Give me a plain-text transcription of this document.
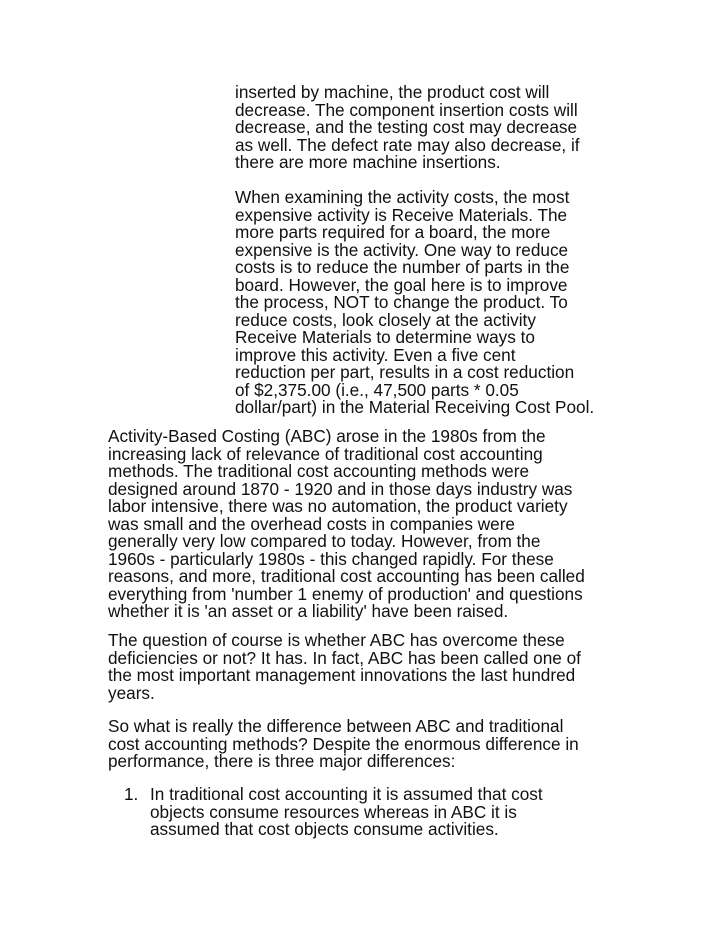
inserted by machine, the product cost will
decrease. The component insertion costs will
decrease, and the testing cost may decrease
as well. The defect rate may also decrease, if
there are more machine insertions.

When examining the activity costs, the most
expensive activity is Receive Materials. The
more parts required for a board, the more
expensive is the activity. One way to reduce
costs is to reduce the number of parts in the
board. However, the goal here is to improve
the process, NOT to change the product. To
reduce costs, look closely at the activity
Receive Materials to determine ways to
improve this activity. Even a five cent
reduction per part, results in a cost reduction
of $2,375.00 (i.e., 47,500 parts * 0.05
dollar/part) in the Material Receiving Cost Pool.

Activity-Based Costing (ABC) arose in the 1980s from the
increasing lack of relevance of traditional cost accounting
methods. The traditional cost accounting methods were
designed around 1870 - 1920 and in those days industry was
labor intensive, there was no automation, the product variety
was small and the overhead costs in companies were
generally very low compared to today. However, from the
1960s - particularly 1980s - this changed rapidly. For these
reasons, and more, traditional cost accounting has been called
everything from 'number 1 enemy of production' and questions
whether it is 'an asset or a liability' have been raised.

The question of course is whether ABC has overcome these
deficiencies or not? It has. In fact, ABC has been called one of
the most important management innovations the last hundred
years.

So what is really the difference between ABC and traditional
cost accounting methods? Despite the enormous difference in
performance, there is three major differences:

1. In traditional cost accounting it is assumed that cost
objects consume resources whereas in ABC it is
assumed that cost objects consume activities.
